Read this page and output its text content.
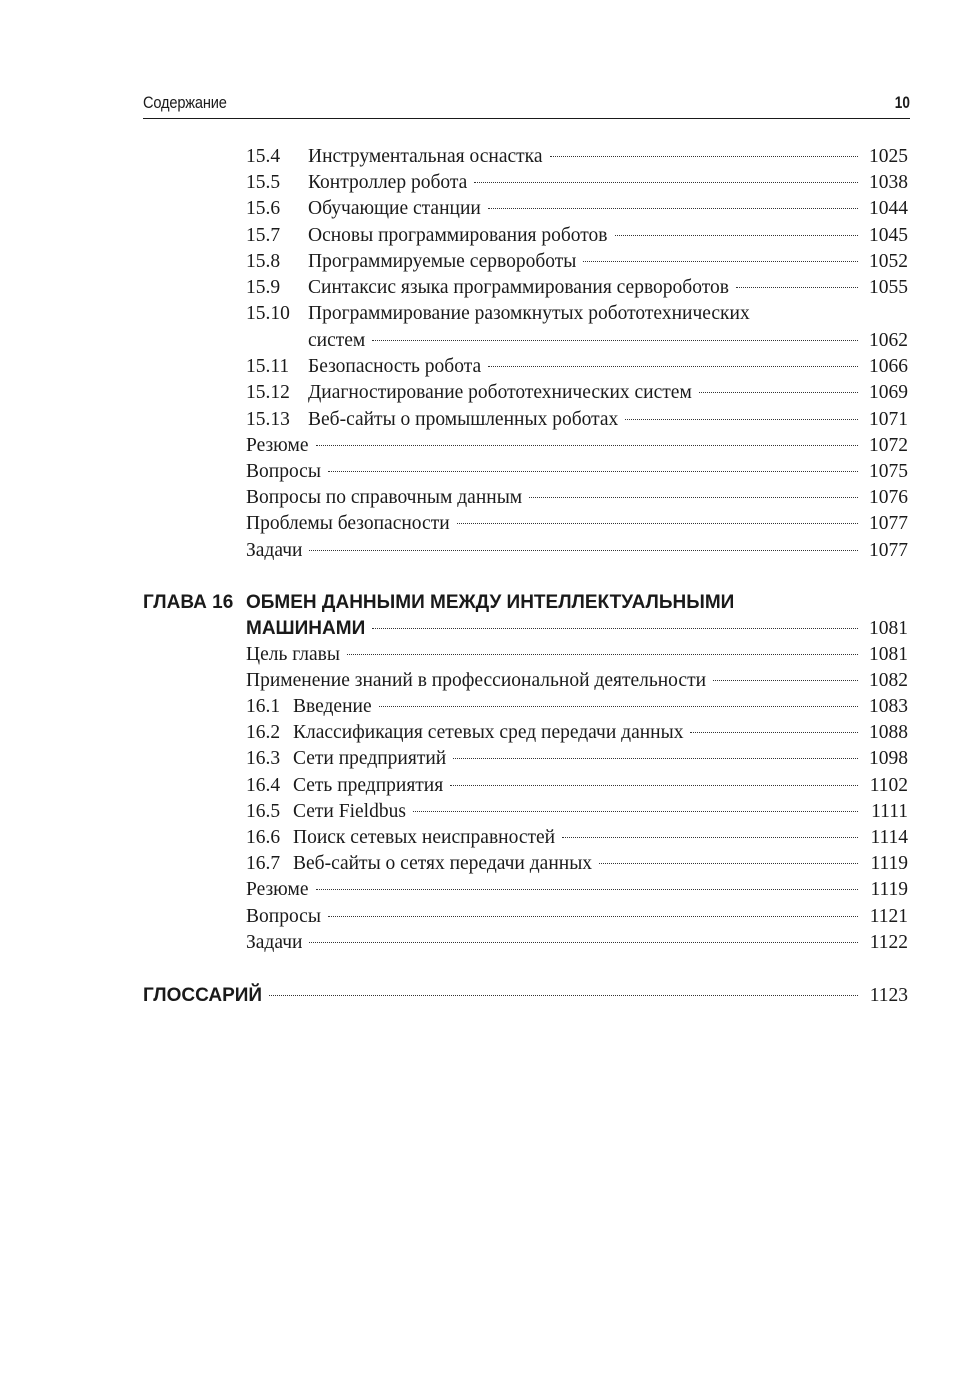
Содержание	10
15.4	Инструментальная оснастка	1025
15.5	Контроллер робота	1038
15.6	Обучающие станции	1044
15.7	Основы программирования роботов	1045
15.8	Программируемые сервороботы	1052
15.9	Синтаксис языка программирования сервороботов	1055
15.10 Программирование разомкнутых робототехнических
систем	1062
15.11 Безопасность робота	1066
15.12 Диагностирование робототехнических систем	1069
15.13 Веб-сайты о промышленных роботах	1071
Резюме	1072
Вопросы	1075
Вопросы по справочным данным	1076
Проблемы безопасности	1077
Задачи	1077
ГЛАВА 16 ОБМЕН ДАННЫМИ МЕЖДУ ИНТЕЛЛЕКТУАЛЬНЫМИ
МАШИНАМИ	1081
Цель главы	1081
Применение знаний в профессиональной деятельности	1082
16.1 Введение	1083
16.2 Классификация сетевых сред передачи данных	1088
16.3 Сети предприятий	1098
16.4 Сеть предприятия	1102
16.5 Сети Fieldbus	1111
16.6 Поиск сетевых неисправностей	1114
16.7 Веб-сайты о сетях передачи данных	1119
Резюме	1119
Вопросы	1121
Задачи	1122
ГЛОССАРИЙ	1123
